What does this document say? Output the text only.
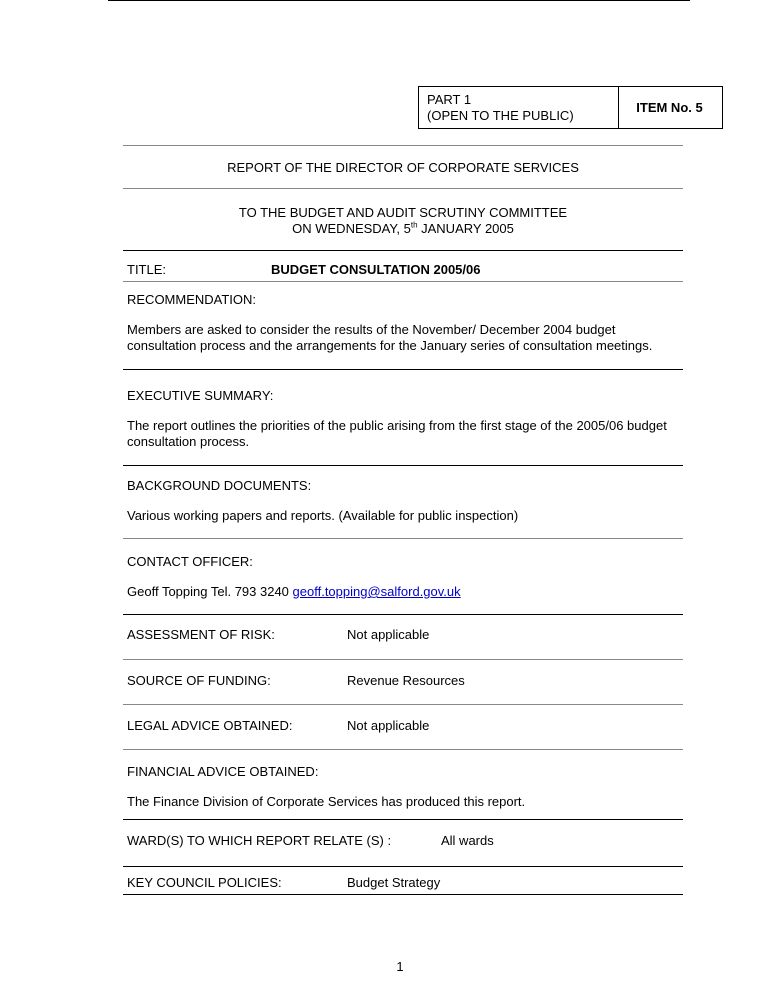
PART 1
(OPEN TO THE PUBLIC)
ITEM No. 5
REPORT OF THE DIRECTOR OF CORPORATE SERVICES
TO THE BUDGET AND AUDIT SCRUTINY COMMITTEE
ON WEDNESDAY, 5th JANUARY 2005
TITLE:	BUDGET CONSULTATION 2005/06
RECOMMENDATION:
Members are asked to consider the results of the November/ December 2004 budget consultation process and the arrangements for the January series of consultation meetings.
EXECUTIVE SUMMARY:
The report outlines the priorities of the public arising from the first stage of the 2005/06 budget consultation process.
BACKGROUND DOCUMENTS:
Various working papers and reports. (Available for public inspection)
CONTACT OFFICER:
Geoff Topping Tel. 793 3240 geoff.topping@salford.gov.uk
ASSESSMENT OF RISK:	Not applicable
SOURCE OF FUNDING:	Revenue Resources
LEGAL ADVICE OBTAINED:	Not applicable
FINANCIAL ADVICE OBTAINED:
The Finance Division of Corporate Services has produced this report.
WARD(S) TO WHICH REPORT RELATE (S) :	All wards
KEY COUNCIL POLICIES:	Budget Strategy
1
